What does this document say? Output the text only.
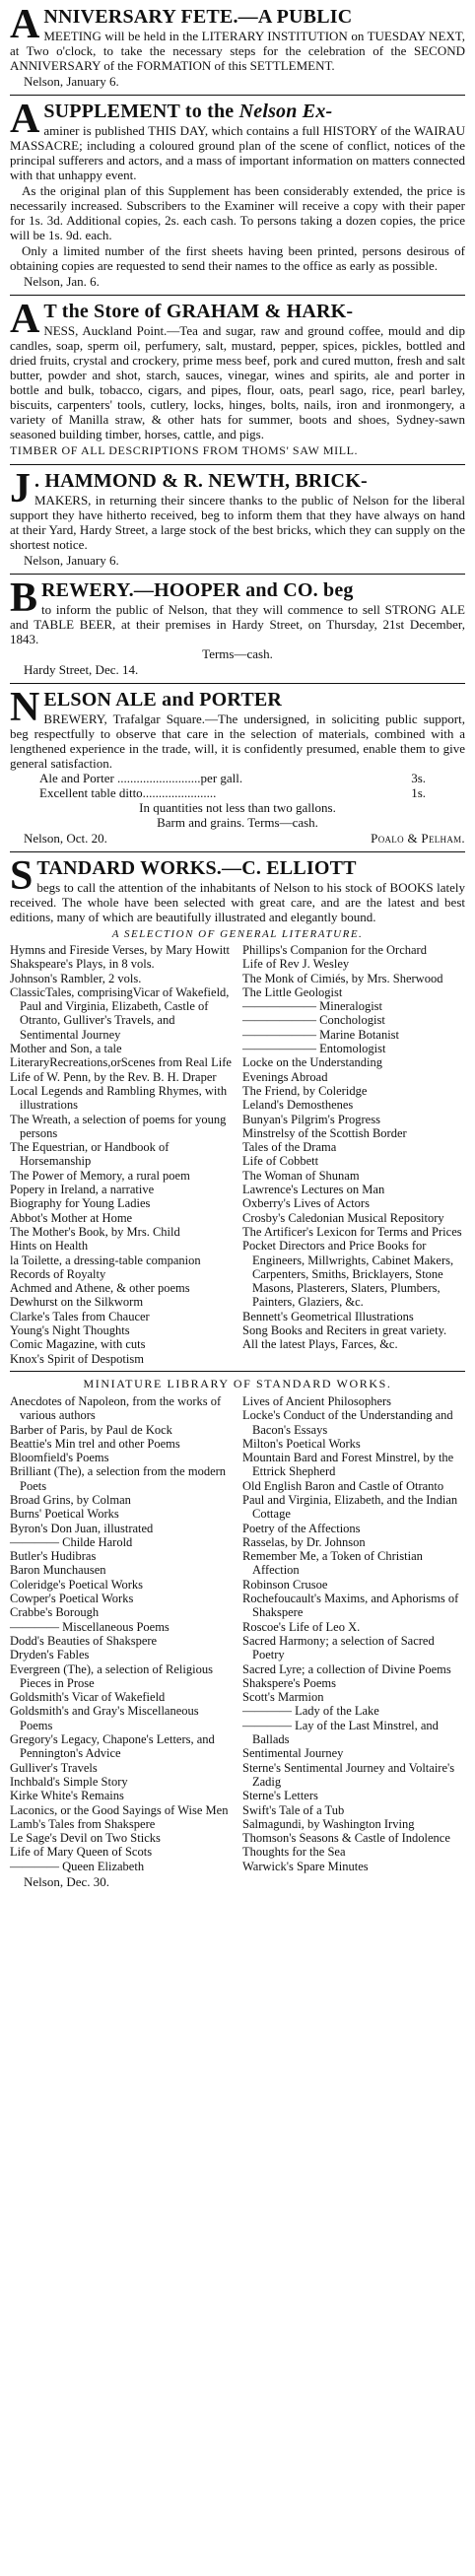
A NNIVERSARY FETE.—A PUBLIC

MEETING will be held in the LITERARY INSTITUTION on TUESDAY NEXT, at Two o'clock, to take the necessary steps for the celebration of the SECOND ANNIVERSARY of the FORMATION of this SETTLEMENT.

Nelson, January 6.
A SUPPLEMENT to the Nelson Ex-

aminer is published THIS DAY, which contains a full HISTORY of the WAIRAU MASSACRE; including a coloured ground plan of the scene of conflict, notices of the principal sufferers and actors, and a mass of important information on matters connected with that unhappy event.

As the original plan of this Supplement has been considerably extended, the price is necessarily increased. Subscribers to the Examiner will receive a copy with their paper for 1s. 3d. Additional copies, 2s. each cash. To persons taking a dozen copies, the price will be 1s. 9d. each.

Only a limited number of the first sheets having been printed, persons desirous of obtaining copies are requested to send their names to the office as early as possible.

Nelson, Jan. 6.
A T the Store of GRAHAM & HARK-

NESS, Auckland Point.—Tea and sugar, raw and ground coffee, mould and dip candles, soap, sperm oil, perfumery, salt, mustard, pepper, spices, pickles, bottled and dried fruits, crystal and crockery, prime mess beef, pork and cured mutton, fresh and salt butter, powder and shot, starch, sauces, vinegar, wines and spirits, ale and porter in bottle and bulk, tobacco, cigars, and pipes, flour, oats, pearl sago, rice, pearl barley, biscuits, carpenters' tools, cutlery, locks, hinges, bolts, nails, iron and ironmongery, a variety of Manilla straw, & other hats for summer, boots and shoes, Sydney-sawn seasoned building timber, horses, cattle, and pigs.

TIMBER OF ALL DESCRIPTIONS FROM THOMS' SAW MILL.
J . HAMMOND & R. NEWTH, BRICK-

MAKERS, in returning their sincere thanks to the public of Nelson for the liberal support they have hitherto received, beg to inform them that they have always on hand at their Yard, Hardy Street, a large stock of the best bricks, which they can supply on the shortest notice.

Nelson, January 6.
B REWERY.—HOOPER and CO. beg

to inform the public of Nelson, that they will commence to sell STRONG ALE and TABLE BEER, at their premises in Hardy Street, on Thursday, 21st December, 1843.

Terms—cash.
Hardy Street, Dec. 14.
N ELSON ALE and PORTER

BREWERY, Trafalgar Square.—The undersigned, in soliciting public support, beg respectfully to observe that care in the selection of materials, combined with a lengthened experience in the trade, will, it is confidently presumed, enable them to give general satisfaction.

Ale and Porter ..........................per gall.	3s.
Excellent table ditto.......................	1s.
In quantities not less than two gallons.
Barm and grains. Terms—cash.
Nelson, Oct. 20.	Poalo & Pelham.
S TANDARD WORKS.—C. ELLIOTT

begs to call the attention of the inhabitants of Nelson to his stock of BOOKS lately received. The whole have been selected with great care, and are the latest and best editions, many of which are beautifully illustrated and elegantly bound.

A SELECTION OF GENERAL LITERATURE.
Hymns and Fireside Verses, by Mary Howitt
Shakspeare's Plays, in 8 vols.
Johnson's Rambler, 2 vols.
ClassicTales, comprisingVicar of Wakefield, Paul and Virginia, Elizabeth, Castle of Otranto, Gulliver's Travels, and Sentimental Journey
Mother and Son, a tale
LiteraryRecreations,orScenes from Real Life
Life of W. Penn, by the Rev. B. H. Draper
Local Legends and Rambling Rhymes, with illustrations
The Wreath, a selection of poems for young persons
The Equestrian, or Handbook of Horsemanship
The Power of Memory, a rural poem
Popery in Ireland, a narrative
Biography for Young Ladies
Abbot's Mother at Home
The Mother's Book, by Mrs. Child
Hints on Health
la Toilette, a dressing-table companion
Records of Royalty
Achmed and Athene, & other poems
Dewhurst on the Silkworm
Clarke's Tales from Chaucer
Young's Night Thoughts
Comic Magazine, with cuts
Knox's Spirit of Despotism
Phillips's Companion for the Orchard
Life of Rev J. Wesley
The Monk of Cimiés, by Mrs. Sherwood
The Little Geologist
—————— Mineralogist
—————— Conchologist
—————— Marine Botanist
—————— Entomologist
Locke on the Understanding
Evenings Abroad
The Friend, by Coleridge
Leland's Demosthenes
Bunyan's Pilgrim's Progress
Minstrelsy of the Scottish Border
Tales of the Drama
Life of Cobbett
The Woman of Shunam
Lawrence's Lectures on Man
Oxberry's Lives of Actors
Crosby's Caledonian Musical Repository
The Artificer's Lexicon for Terms and Prices
Pocket Directors and Price Books for Engineers, Millwrights, Cabinet Makers, Carpenters, Smiths, Bricklayers, Stone Masons, Plasterers, Slaters, Plumbers, Painters, Glaziers, &c.
Bennett's Geometrical Illustrations
Song Books and Reciters in great variety.
All the latest Plays, Farces, &c.
MINIATURE LIBRARY OF STANDARD WORKS.
Anecdotes of Napoleon, from the works of various authors
Barber of Paris, by Paul de Kock
Beattie's Min trel and other Poems
Bloomfield's Poems
Brilliant (The), a selection from the modern Poets
Broad Grins, by Colman
Burns' Poetical Works
Byron's Don Juan, illustrated
———— Childe Harold
Butler's Hudibras
Baron Munchausen
Coleridge's Poetical Works
Cowper's Poetical Works
Crabbe's Borough
———— Miscellaneous Poems
Dodd's Beauties of Shakspere
Dryden's Fables
Evergreen (The), a selection of Religious Pieces in Prose
Goldsmith's Vicar of Wakefield
Goldsmith's and Gray's Miscellaneous Poems
Gregory's Legacy, Chapone's Letters, and Pennington's Advice
Gulliver's Travels
Inchbald's Simple Story
Kirke White's Remains
Laconics, or the Good Sayings of Wise Men
Lamb's Tales from Shakspere
Le Sage's Devil on Two Sticks
Life of Mary Queen of Scots
———— Queen Elizabeth
Lives of Ancient Philosophers
Locke's Conduct of the Understanding and Bacon's Essays
Milton's Poetical Works
Mountain Bard and Forest Minstrel, by the Ettrick Shepherd
Old English Baron and Castle of Otranto
Paul and Virginia, Elizabeth, and the Indian Cottage
Poetry of the Affections
Rasselas, by Dr. Johnson
Remember Me, a Token of Christian Affection
Robinson Crusoe
Rochefoucault's Maxims, and Aphorisms of Shakspere
Roscoe's Life of Leo X.
Sacred Harmony; a selection of Sacred Poetry
Sacred Lyre; a collection of Divine Poems
Shakspere's Poems
Scott's Marmion
———— Lady of the Lake
———— Lay of the Last Minstrel, and Ballads
Sentimental Journey
Sterne's Sentimental Journey and Voltaire's Zadig
Sterne's Letters
Swift's Tale of a Tub
Salmagundi, by Washington Irving
Thomson's Seasons & Castle of Indolence
Thoughts for the Sea
Warwick's Spare Minutes
Nelson, Dec. 30.
